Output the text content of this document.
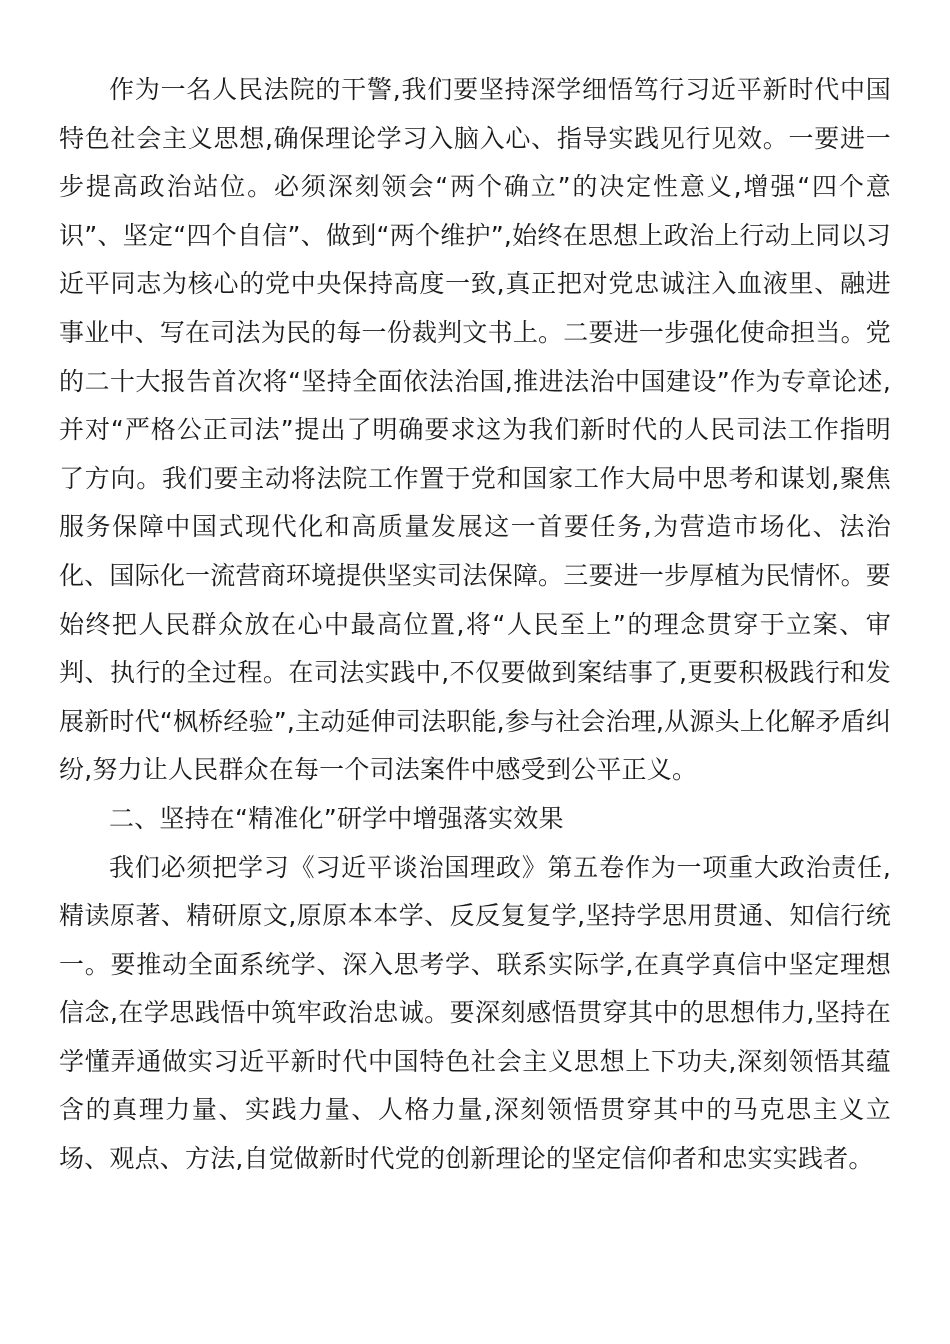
作为一名人民法院的干警,我们要坚持深学细悟笃行习近平新时代中国特色社会主义思想,确保理论学习入脑入心、指导实践见行见效。一要进一步提高政治站位。必须深刻领会“两个确立”的决定性意义,增强“四个意识”、坚定“四个自信”、做到“两个维护”,始终在思想上政治上行动上同以习近平同志为核心的党中央保持高度一致,真正把对党忠诚注入血液里、融进事业中、写在司法为民的每一份裁判文书上。二要进一步强化使命担当。党的二十大报告首次将“坚持全面依法治国,推进法治中国建设”作为专章论述,并对“严格公正司法”提出了明确要求这为我们新时代的人民司法工作指明了方向。我们要主动将法院工作置于党和国家工作大局中思考和谋划,聚焦服务保障中国式现代化和高质量发展这一首要任务,为营造市场化、法治化、国际化一流营商环境提供坚实司法保障。三要进一步厚植为民情怀。要始终把人民群众放在心中最高位置,将“人民至上”的理念贯穿于立案、审判、执行的全过程。在司法实践中,不仅要做到案结事了,更要积极践行和发展新时代“枫桥经验”,主动延伸司法职能,参与社会治理,从源头上化解矛盾纠纷,努力让人民群众在每一个司法案件中感受到公平正义。

二、坚持在“精准化”研学中增强落实效果

我们必须把学习《习近平谈治国理政》第五卷作为一项重大政治责任,精读原著、精研原文,原原本本学、反反复复学,坚持学思用贯通、知信行统一。要推动全面系统学、深入思考学、联系实际学,在真学真信中坚定理想信念,在学思践悟中筑牢政治忠诚。要深刻感悟贯穿其中的思想伟力,坚持在学懂弄通做实习近平新时代中国特色社会主义思想上下功夫,深刻领悟其蕴含的真理力量、实践力量、人格力量,深刻领悟贯穿其中的马克思主义立场、观点、方法,自觉做新时代党的创新理论的坚定信仰者和忠实实践者。
